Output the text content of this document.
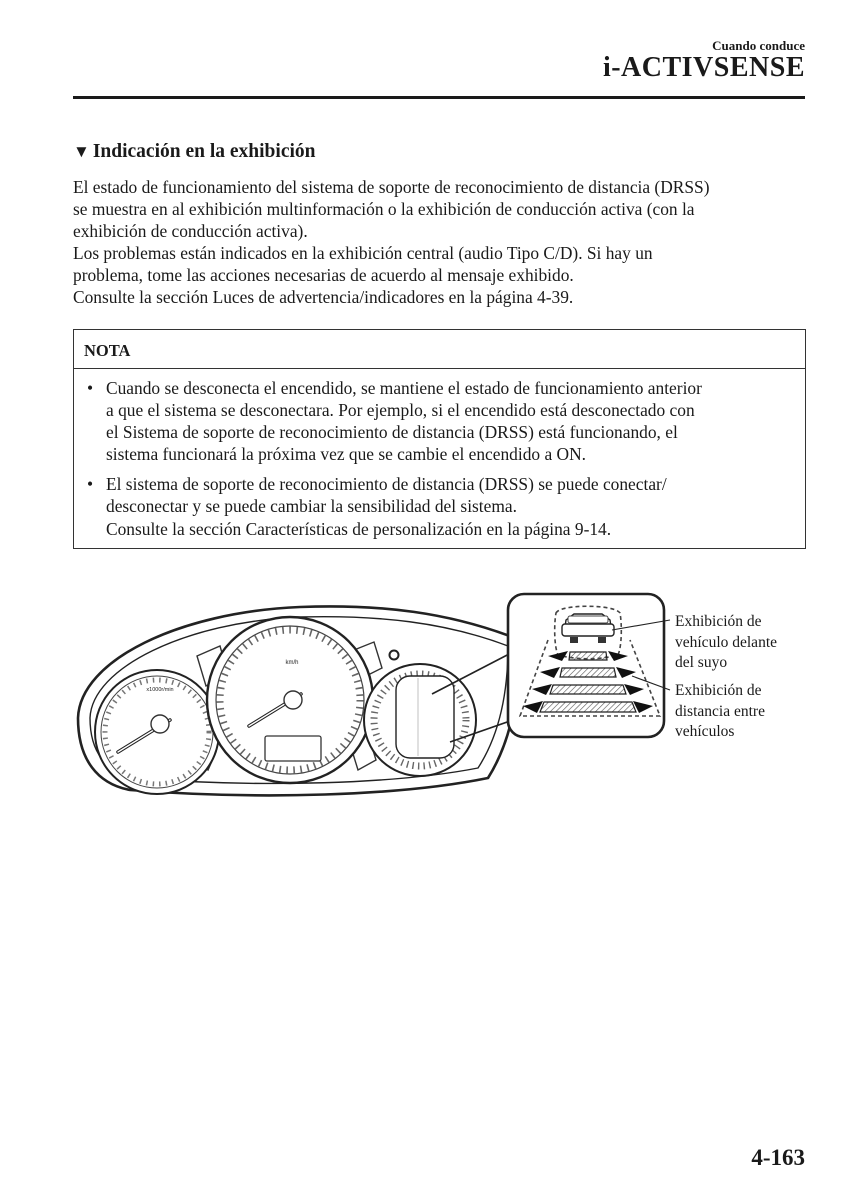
Cuando conduce
i-ACTIVSENSE
▼ Indicación en la exhibición

El estado de funcionamiento del sistema de soporte de reconocimiento de distancia (DRSS)

se muestra en al exhibición multinformación o la exhibición de conducción activa (con la

exhibición de conducción activa).

Los problemas están indicados en la exhibición central (audio Tipo C/D). Si hay un

problema, tome las acciones necesarias de acuerdo al mensaje exhibido.

Consulte la sección Luces de advertencia/indicadores en la página 4-39.

NOTA
• Cuando se desconecta el encendido, se mantiene el estado de funcionamiento anterior
a que el sistema se desconectara. Por ejemplo, si el encendido está desconectado con
el Sistema de soporte de reconocimiento de distancia (DRSS) está funcionando, el
sistema funcionará la próxima vez que se cambie el encendido a ON.
• El sistema de soporte de reconocimiento de distancia (DRSS) se puede conectar/
desconectar y se puede cambiar la sensibilidad del sistema.
Consulte la sección Características de personalización en la página 9-14.
x1000r/min
km/h
Exhibición de
vehículo delante
del suyo
Exhibición de
distancia entre
vehículos
4-163
